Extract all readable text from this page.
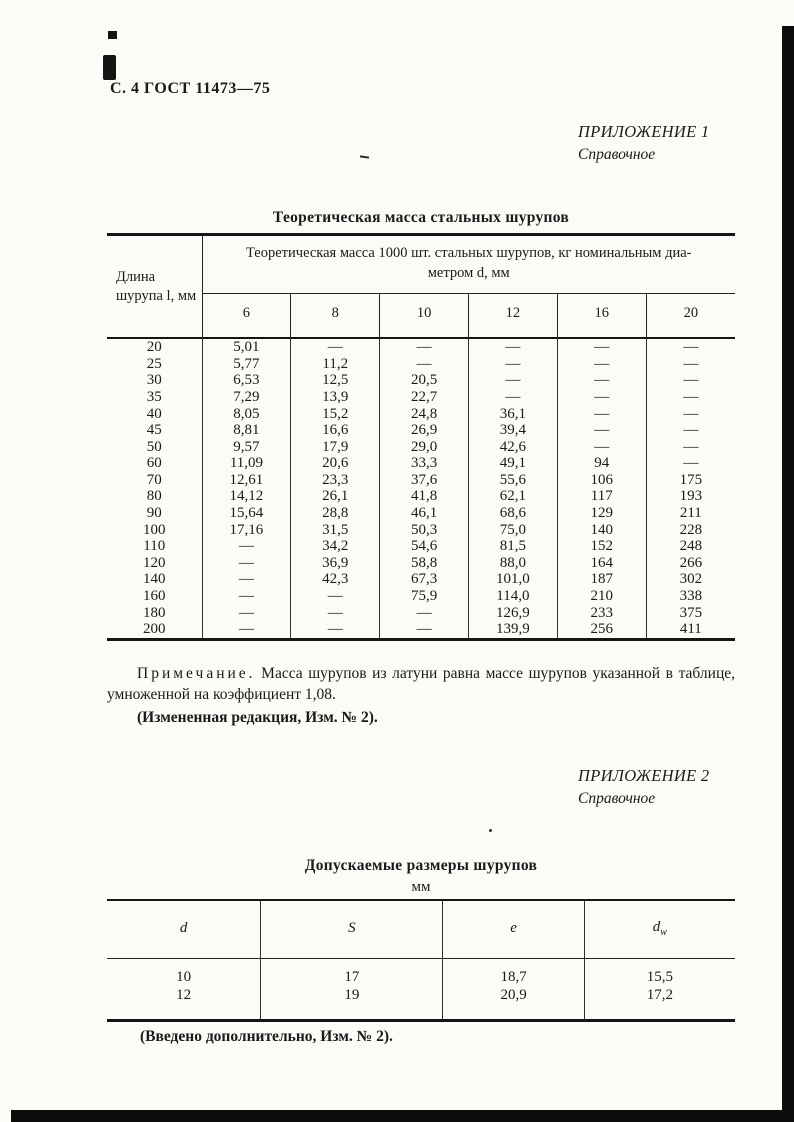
С. 4 ГОСТ 11473—75
ПРИЛОЖЕНИЕ 1
Справочное
Теоретическая масса стальных шурупов
Длина
шурупа l, мм

Теоретическая масса 1000 шт. стальных шурупов, кг номинальным диа-
метром d, мм

	6	8	10	12	16	20
20	5,01	—	—	—	—	—
25	5,77	11,2	—	—	—	—
30	6,53	12,5	20,5	—	—	—
35	7,29	13,9	22,7	—	—	—
40	8,05	15,2	24,8	36,1	—	—
45	8,81	16,6	26,9	39,4	—	—
50	9,57	17,9	29,0	42,6	—	—
60	11,09	20,6	33,3	49,1	94	—
70	12,61	23,3	37,6	55,6	106	175
80	14,12	26,1	41,8	62,1	117	193
90	15,64	28,8	46,1	68,6	129	211
100	17,16	31,5	50,3	75,0	140	228
110	—	34,2	54,6	81,5	152	248
120	—	36,9	58,8	88,0	164	266
140	—	42,3	67,3	101,0	187	302
160	—	—	75,9	114,0	210	338
180	—	—	—	126,9	233	375
200	—	—	—	139,9	256	411

Примечание. Масса шурупов из латуни равна массе шурупов указанной в таблице, умноженной на коэффициент 1,08.

(Измененная редакция, Изм. № 2).

ПРИЛОЖЕНИЕ 2
Справочное
Допускаемые размеры шурупов
мм
d	S	e	$d_w$
10	17	18,7	15,5
12	19	20,9	17,2
(Введено дополнительно, Изм. № 2).
